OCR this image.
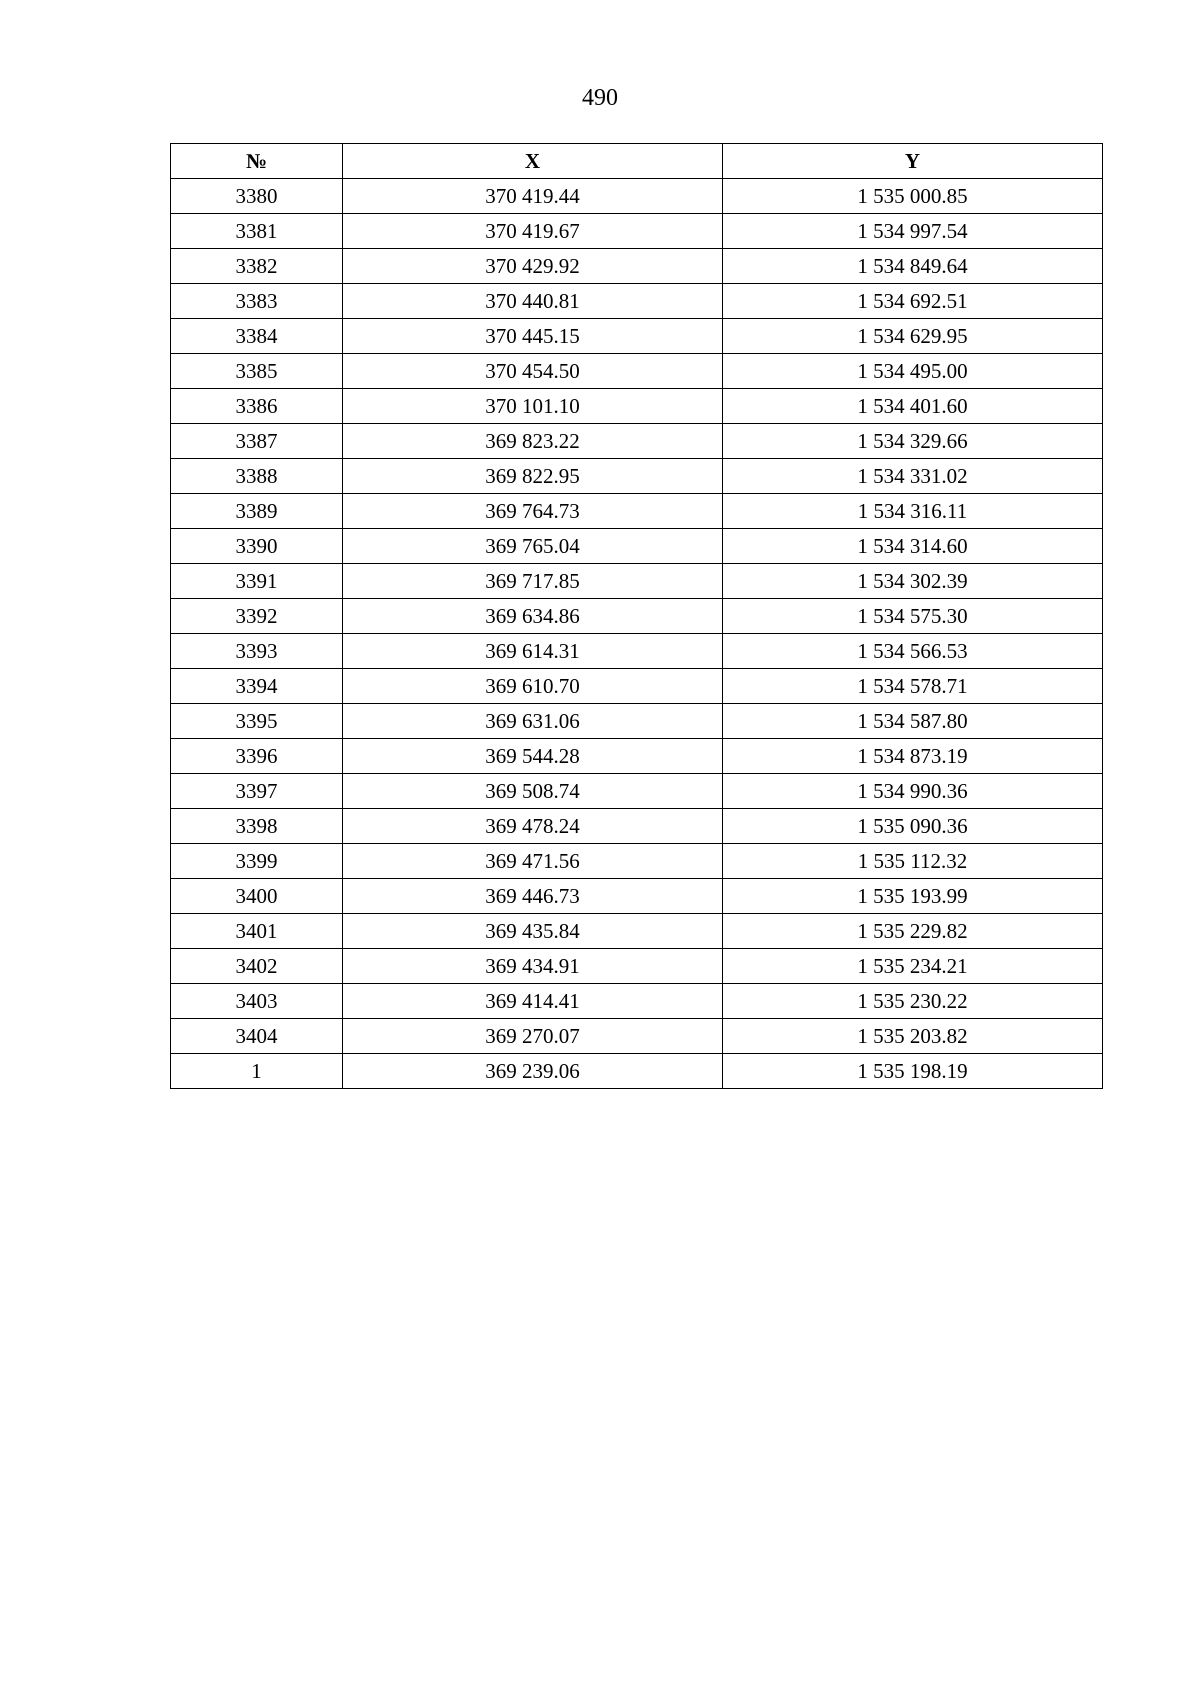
490
№	X	Y
3380	370 419.44	1 535 000.85
3381	370 419.67	1 534 997.54
3382	370 429.92	1 534 849.64
3383	370 440.81	1 534 692.51
3384	370 445.15	1 534 629.95
3385	370 454.50	1 534 495.00
3386	370 101.10	1 534 401.60
3387	369 823.22	1 534 329.66
3388	369 822.95	1 534 331.02
3389	369 764.73	1 534 316.11
3390	369 765.04	1 534 314.60
3391	369 717.85	1 534 302.39
3392	369 634.86	1 534 575.30
3393	369 614.31	1 534 566.53
3394	369 610.70	1 534 578.71
3395	369 631.06	1 534 587.80
3396	369 544.28	1 534 873.19
3397	369 508.74	1 534 990.36
3398	369 478.24	1 535 090.36
3399	369 471.56	1 535 112.32
3400	369 446.73	1 535 193.99
3401	369 435.84	1 535 229.82
3402	369 434.91	1 535 234.21
3403	369 414.41	1 535 230.22
3404	369 270.07	1 535 203.82
1	369 239.06	1 535 198.19
